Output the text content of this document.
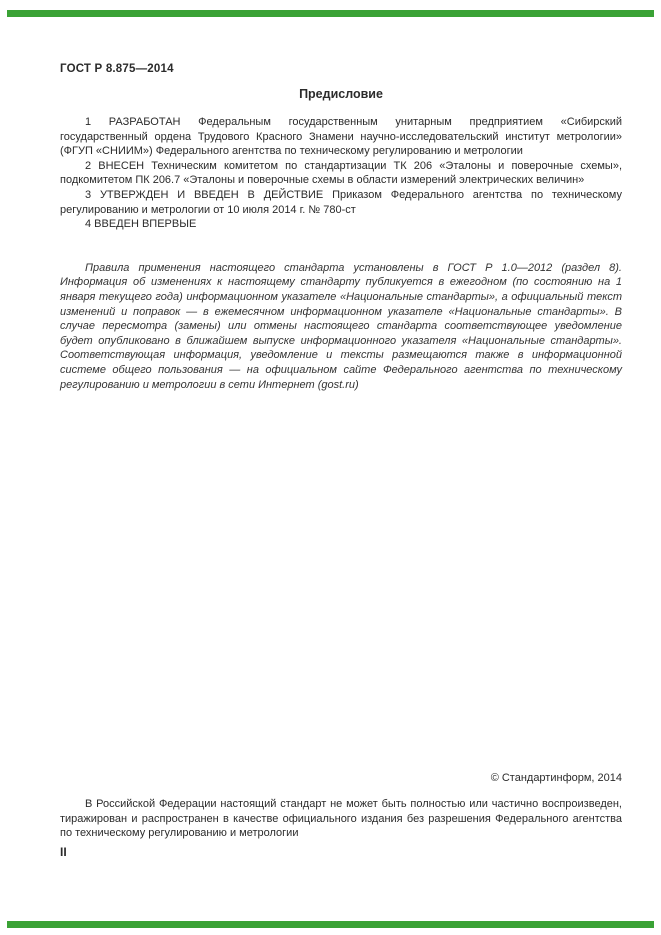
ГОСТ Р 8.875—2014
Предисловие

1 РАЗРАБОТАН Федеральным государственным унитарным предприятием «Сибирский государственный ордена Трудового Красного Знамени научно-исследовательский институт метрологии» (ФГУП «СНИИМ») Федерального агентства по техническому регулированию и метрологии

2 ВНЕСЕН Техническим комитетом по стандартизации ТК 206 «Эталоны и поверочные схемы», подкомитетом ПК 206.7 «Эталоны и поверочные схемы в области измерений электрических величин»

3 УТВЕРЖДЕН И ВВЕДЕН В ДЕЙСТВИЕ Приказом Федерального агентства по техническому регулированию и метрологии от 10 июля 2014 г. № 780-ст

4 ВВЕДЕН ВПЕРВЫЕ

Правила применения настоящего стандарта установлены в ГОСТ Р 1.0—2012 (раздел 8). Информация об изменениях к настоящему стандарту публикуется в ежегодном (по состоянию на 1 января текущего года) информационном указателе «Национальные стандарты», а официальный текст изменений и поправок — в ежемесячном информационном указателе «Национальные стандарты». В случае пересмотра (замены) или отмены настоящего стандарта соответствующее уведомление будет опубликовано в ближайшем выпуске информационного указателя «Национальные стандарты». Соответствующая информация, уведомление и тексты размещаются также в информационной системе общего пользования — на официальном сайте Федерального агентства по техническому регулированию и метрологии в сети Интернет (gost.ru)

© Стандартинформ, 2014

В Российской Федерации настоящий стандарт не может быть полностью или частично воспроизведен, тиражирован и распространен в качестве официального издания без разрешения Федерального агентства по техническому регулированию и метрологии

II
